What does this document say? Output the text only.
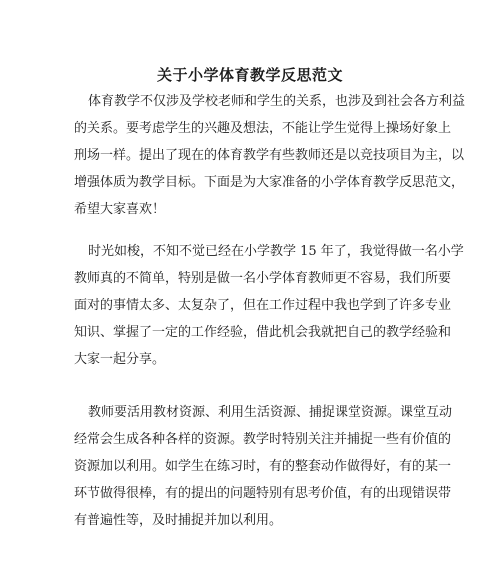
关于小学体育教学反思范文
体育教学不仅涉及学校老师和学生的关系，也涉及到社会各方利益
的关系。要考虑学生的兴趣及想法，不能让学生觉得上操场好象上
刑场一样。提出了现在的体育教学有些教师还是以竞技项目为主，以
增强体质为教学目标。下面是为大家准备的小学体育教学反思范文，
希望大家喜欢！
时光如梭，不知不觉已经在小学教学 15 年了，我觉得做一名小学
教师真的不简单，特别是做一名小学体育教师更不容易，我们所要
面对的事情太多、太复杂了，但在工作过程中我也学到了许多专业
知识、掌握了一定的工作经验，借此机会我就把自己的教学经验和
大家一起分享。
教师要活用教材资源、利用生活资源、捕捉课堂资源。课堂互动
经常会生成各种各样的资源。教学时特别关注并捕捉一些有价值的
资源加以利用。如学生在练习时，有的整套动作做得好，有的某一
环节做得很棒，有的提出的问题特别有思考价值，有的出现错误带
有普遍性等，及时捕捉并加以利用。
